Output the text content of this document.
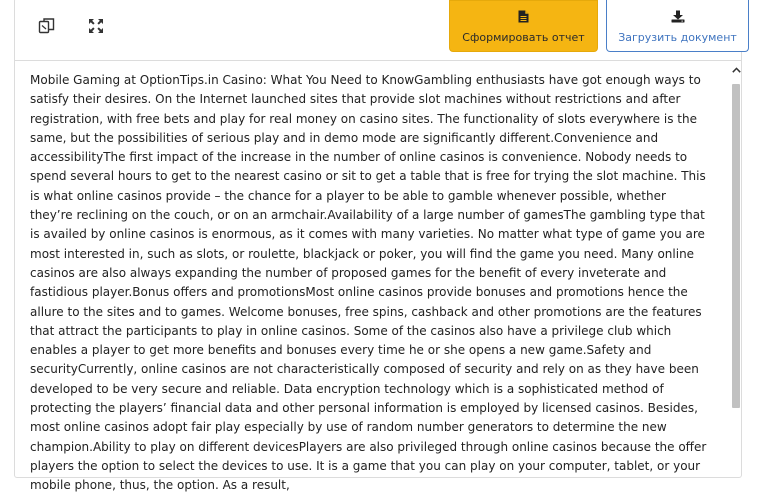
Сформировать отчет	Загрузить документ

Mobile Gaming at OptionTips.in Casino: What You Need to KnowGambling enthusiasts have got enough ways to satisfy their desires. On the Internet launched sites that provide slot machines without restrictions and after registration, with free bets and play for real money on casino sites. The functionality of slots everywhere is the same, but the possibilities of serious play and in demo mode are significantly different.Convenience and accessibilityThe first impact of the increase in the number of online casinos is convenience. Nobody needs to spend several hours to get to the nearest casino or sit to get a table that is free for trying the slot machine. This is what online casinos provide – the chance for a player to be able to gamble whenever possible, whether they’re reclining on the couch, or on an armchair.Availability of a large number of gamesThe gambling type that is availed by online casinos is enormous, as it comes with many varieties. No matter what type of game you are most interested in, such as slots, or roulette, blackjack or poker, you will find the game you need. Many online casinos are also always expanding the number of proposed games for the benefit of every inveterate and fastidious player.Bonus offers and promotionsMost online casinos provide bonuses and promotions hence the allure to the sites and to games. Welcome bonuses, free spins, cashback and other promotions are the features that attract the participants to play in online casinos. Some of the casinos also have a privilege club which enables a player to get more benefits and bonuses every time he or she opens a new game.Safety and securityCurrently, online casinos are not characteristically composed of security and rely on as they have been developed to be very secure and reliable. Data encryption technology which is a sophisticated method of protecting the players’ financial data and other personal information is employed by licensed casinos. Besides, most online casinos adopt fair play especially by use of random number generators to determine the new champion.Ability to play on different devicesPlayers are also privileged through online casinos because the offer players the option to select the devices to use. It is a game that you can play on your computer, tablet, or your mobile phone, thus, the option. As a result,
